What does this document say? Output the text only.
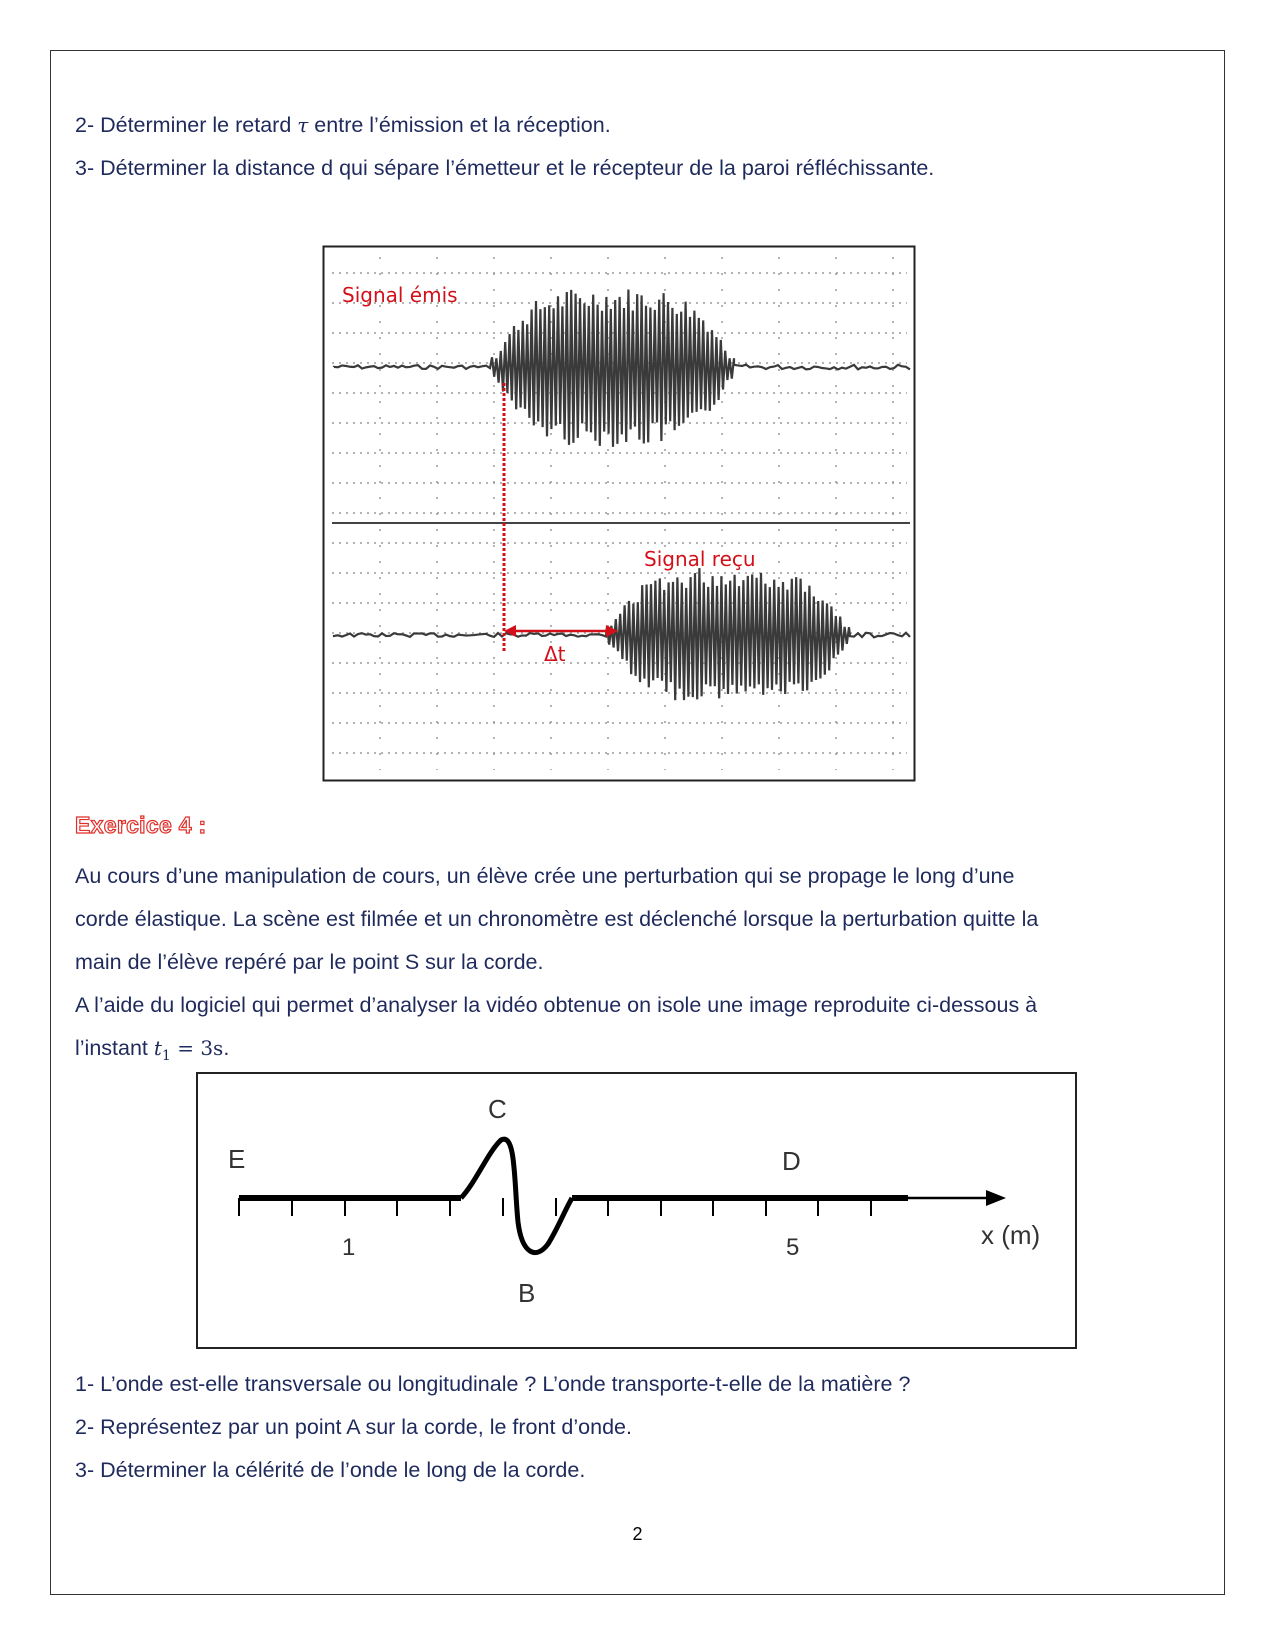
2- Déterminer le retard τ entre l’émission et la réception.
3- Déterminer la distance d qui sépare l’émetteur et le récepteur de la paroi réfléchissante.
Signal émis
Signal reçu
Δt
Exercice 4 :
Au cours d’une manipulation de cours, un élève crée une perturbation qui se propage le long d’une
corde élastique. La scène est filmée et un chronomètre est déclenché lorsque la perturbation quitte la
main de l’élève repéré par le point S sur la corde.
A l’aide du logiciel qui permet d’analyser la vidéo obtenue on isole une image reproduite ci-dessous à
l’instant $t_1 = 3s$.
E
C
B
D
1	5	x (m)
1- L’onde est-elle transversale ou longitudinale ? L’onde transporte-t-elle de la matière ?
2- Représentez par un point A sur la corde, le front d’onde.
3- Déterminer la célérité de l’onde le long de la corde.
2
